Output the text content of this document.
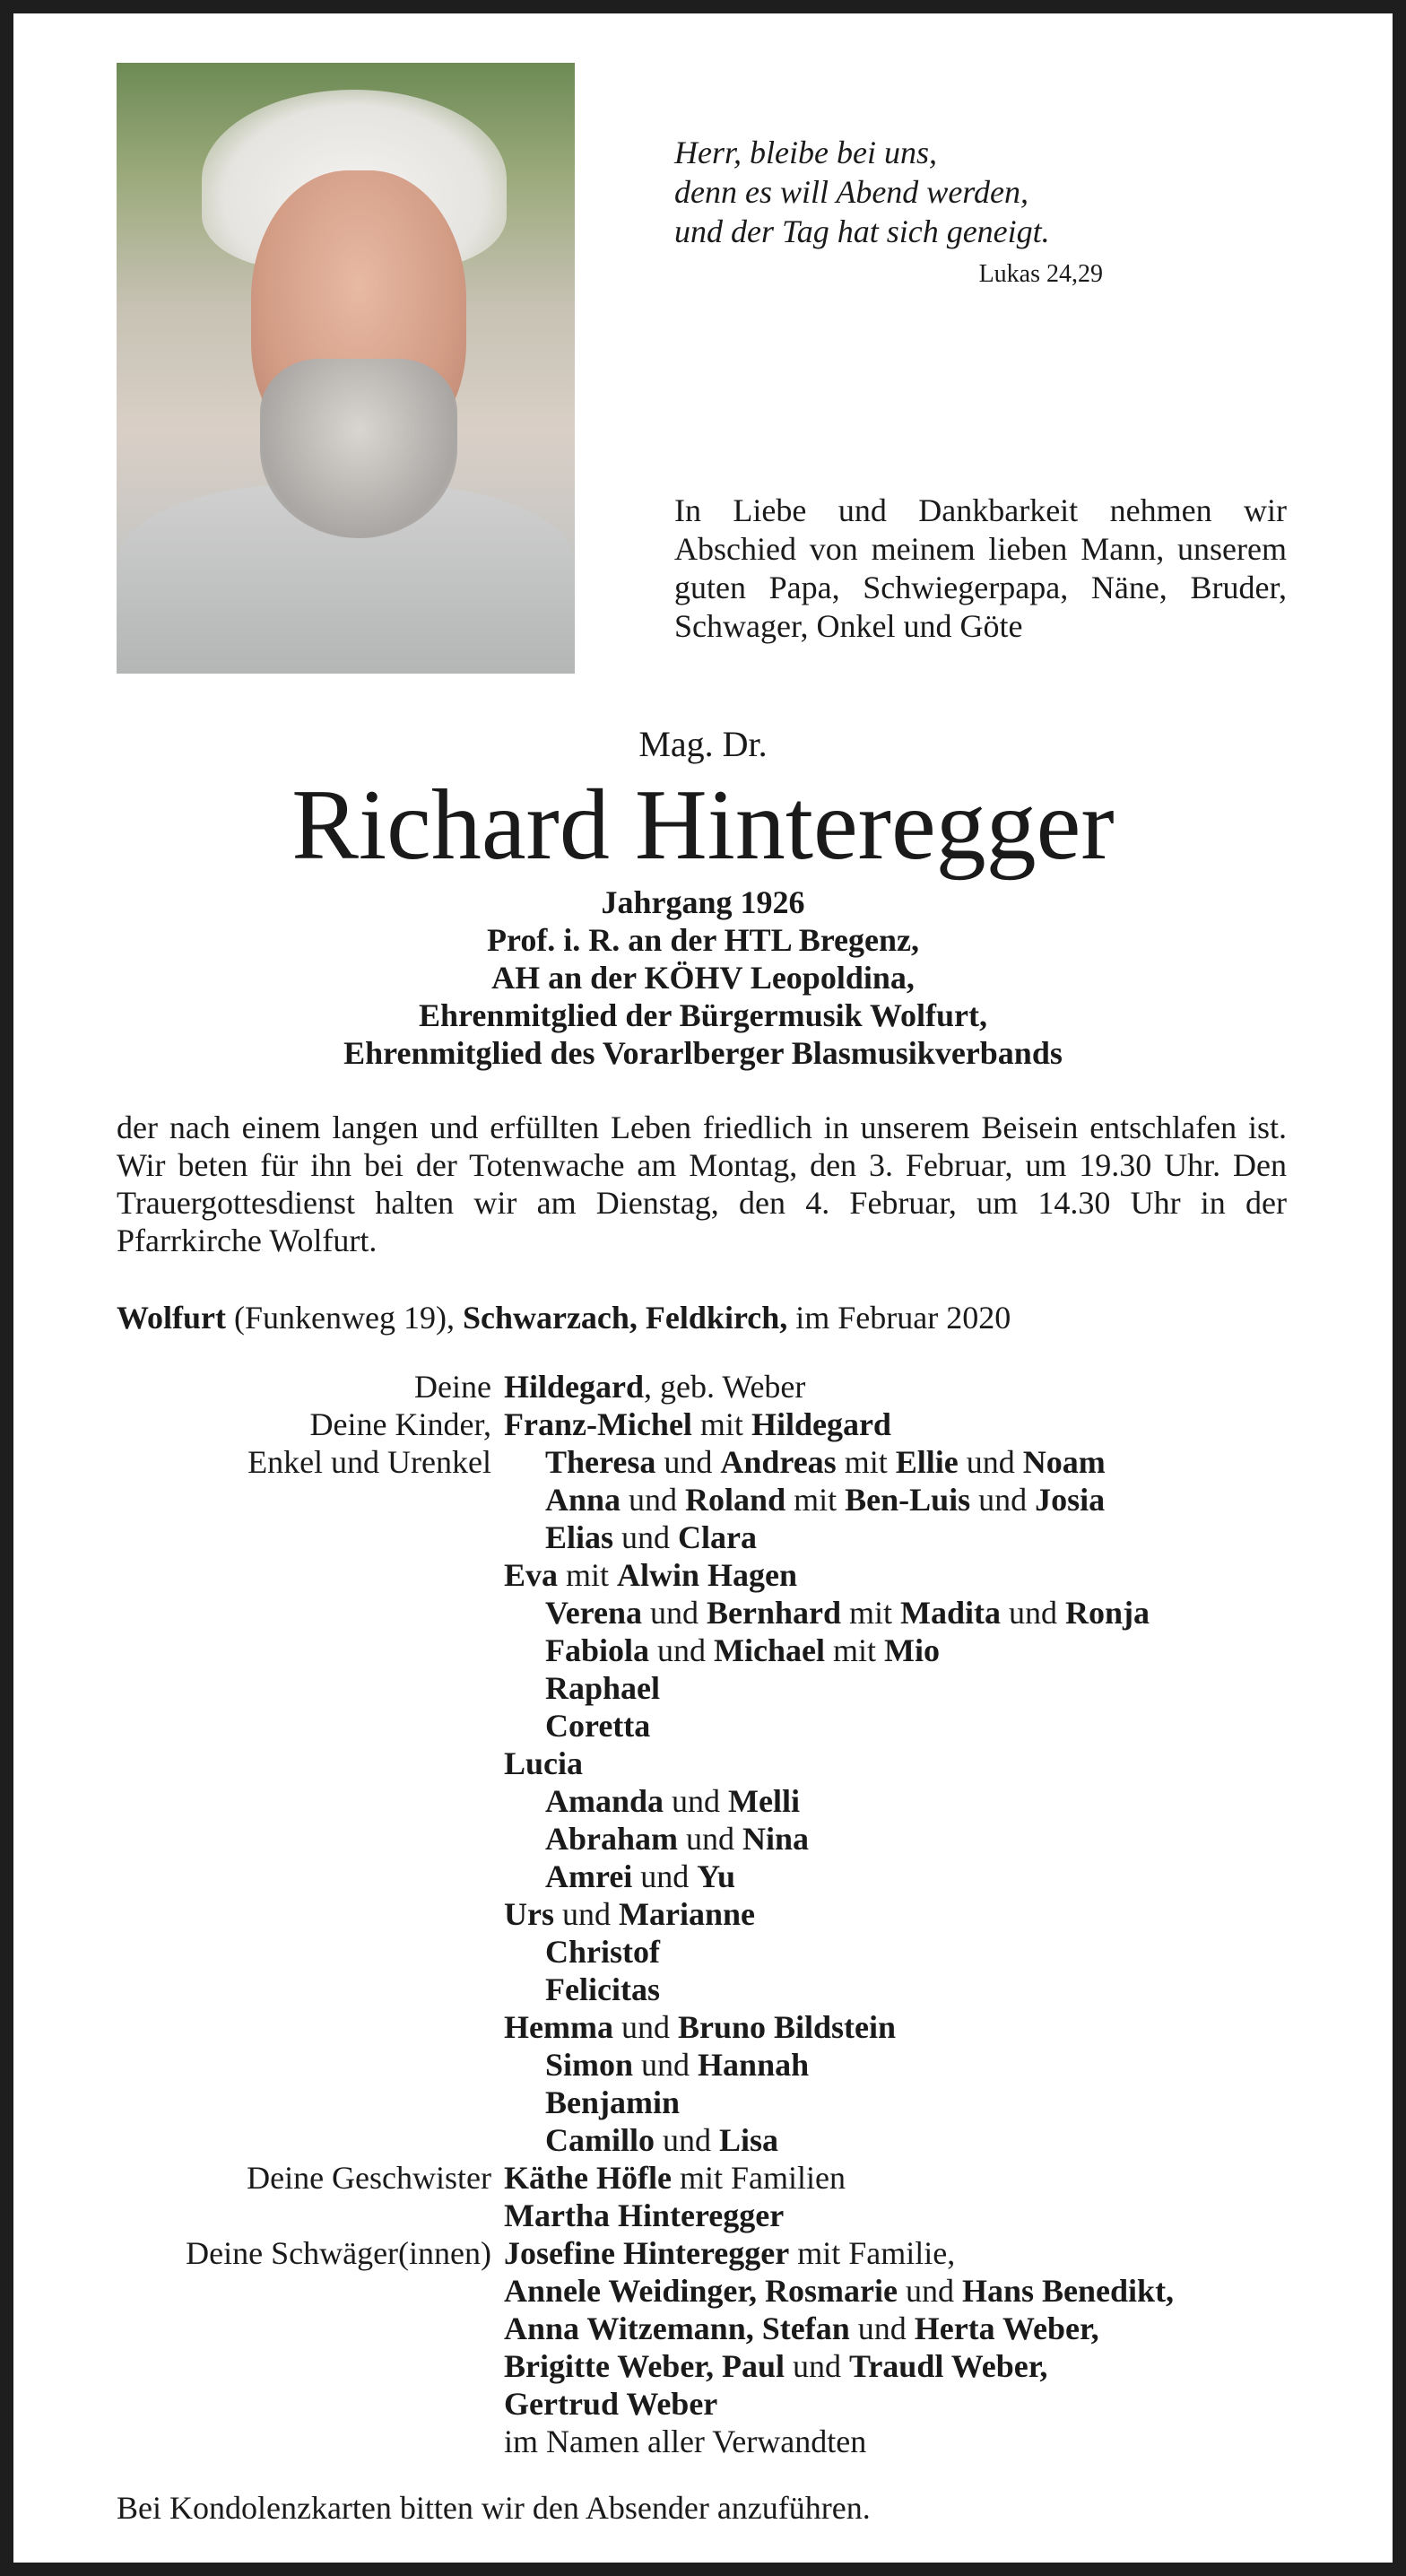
Herr, bleibe bei uns,
denn es will Abend werden,
und der Tag hat sich geneigt.
Lukas 24,29
In Liebe und Dankbarkeit nehmen wir Abschied von meinem lieben Mann, unserem guten Papa, Schwiegerpapa, Näne, Bruder, Schwager, Onkel und Göte
Mag. Dr.
Richard Hinteregger
Jahrgang 1926
Prof. i. R. an der HTL Bregenz,
AH an der KÖHV Leopoldina,
Ehrenmitglied der Bürgermusik Wolfurt,
Ehrenmitglied des Vorarlberger Blasmusikverbands
der nach einem langen und erfüllten Leben friedlich in unserem Beisein entschlafen ist. Wir beten für ihn bei der Totenwache am Montag, den 3. Februar, um 19.30 Uhr. Den Trauergottesdienst halten wir am Dienstag, den 4. Februar, um 14.30 Uhr in der Pfarrkirche Wolfurt.
Wolfurt (Funkenweg 19), Schwarzach, Feldkirch, im Februar 2020
Deine Hildegard, geb. Weber
Deine Kinder, Franz-Michel mit Hildegard
Enkel und Urenkel Theresa und Andreas mit Ellie und Noam
Anna und Roland mit Ben-Luis und Josia
Elias und Clara
Eva mit Alwin Hagen
Verena und Bernhard mit Madita und Ronja
Fabiola und Michael mit Mio
Raphael
Coretta
Lucia
Amanda und Melli
Abraham und Nina
Amrei und Yu
Urs und Marianne
Christof
Felicitas
Hemma und Bruno Bildstein
Simon und Hannah
Benjamin
Camillo und Lisa
Deine Geschwister Käthe Höfle mit Familien
Martha Hinteregger
Deine Schwäger(innen) Josefine Hinteregger mit Familie,
Annele Weidinger, Rosmarie und Hans Benedikt,
Anna Witzemann, Stefan und Herta Weber,
Brigitte Weber, Paul und Traudl Weber,
Gertrud Weber
im Namen aller Verwandten
Bei Kondolenzkarten bitten wir den Absender anzuführen.
